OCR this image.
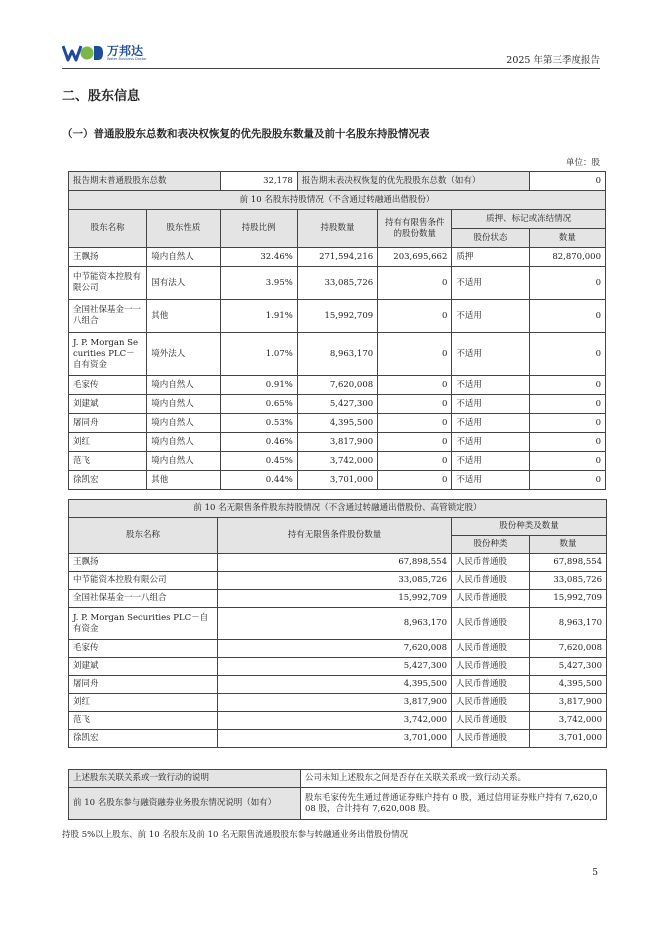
万邦达
Water Business Doctor	2025 年第三季度报告
二、股东信息
（一）普通股股东总数和表决权恢复的优先股股东数量及前十名股东持股情况表
单位：股
报告期末普通股股东总数		32,178	报告期末表决权恢复的优先股股东总数（如有）			0
前 10 名股东持股情况（不含通过转融通出借股份）						
股东名称	股东性质	持股比例	持股数量	持有有限售条件的股份数量	质押、标记或冻结情况	
					股份状态	数量
王飘扬	境内自然人	32.46%	271,594,216	203,695,662	质押	82,870,000
中节能资本控股有限公司	国有法人	3.95%	33,085,726	0	不适用	0
全国社保基金一一八组合	其他	1.91%	15,992,709	0	不适用	0
J. P. Morgan Securities PLC－自有资金	境外法人	1.07%	8,963,170	0	不适用	0
毛家传	境内自然人	0.91%	7,620,008	0	不适用	0
刘建斌	境内自然人	0.65%	5,427,300	0	不适用	0
屠同舟	境内自然人	0.53%	4,395,500	0	不适用	0
刘红	境内自然人	0.46%	3,817,900	0	不适用	0
范飞	境内自然人	0.45%	3,742,000	0	不适用	0
徐凯宏	其他	0.44%	3,701,000	0	不适用	0
前 10 名无限售条件股东持股情况（不含通过转融通出借股份、高管锁定股）			
股东名称	持有无限售条件股份数量	股份种类及数量	
		股份种类	数量
王飘扬	67,898,554	人民币普通股	67,898,554
中节能资本控股有限公司	33,085,726	人民币普通股	33,085,726
全国社保基金一一八组合	15,992,709	人民币普通股	15,992,709
J. P. Morgan Securities PLC－自有资金	8,963,170	人民币普通股	8,963,170
毛家传	7,620,008	人民币普通股	7,620,008
刘建斌	5,427,300	人民币普通股	5,427,300
屠同舟	4,395,500	人民币普通股	4,395,500
刘红	3,817,900	人民币普通股	3,817,900
范飞	3,742,000	人民币普通股	3,742,000
徐凯宏	3,701,000	人民币普通股	3,701,000
上述股东关联关系或一致行动的说明	公司未知上述股东之间是否存在关联关系或一致行动关系。
前 10 名股东参与融资融券业务股东情况说明（如有）	股东毛家传先生通过普通证券账户持有 0 股，通过信用证券账户持有 7,620,008 股，合计持有 7,620,008 股。
持股 5%以上股东、前 10 名股东及前 10 名无限售流通股股东参与转融通业务出借股份情况
5
